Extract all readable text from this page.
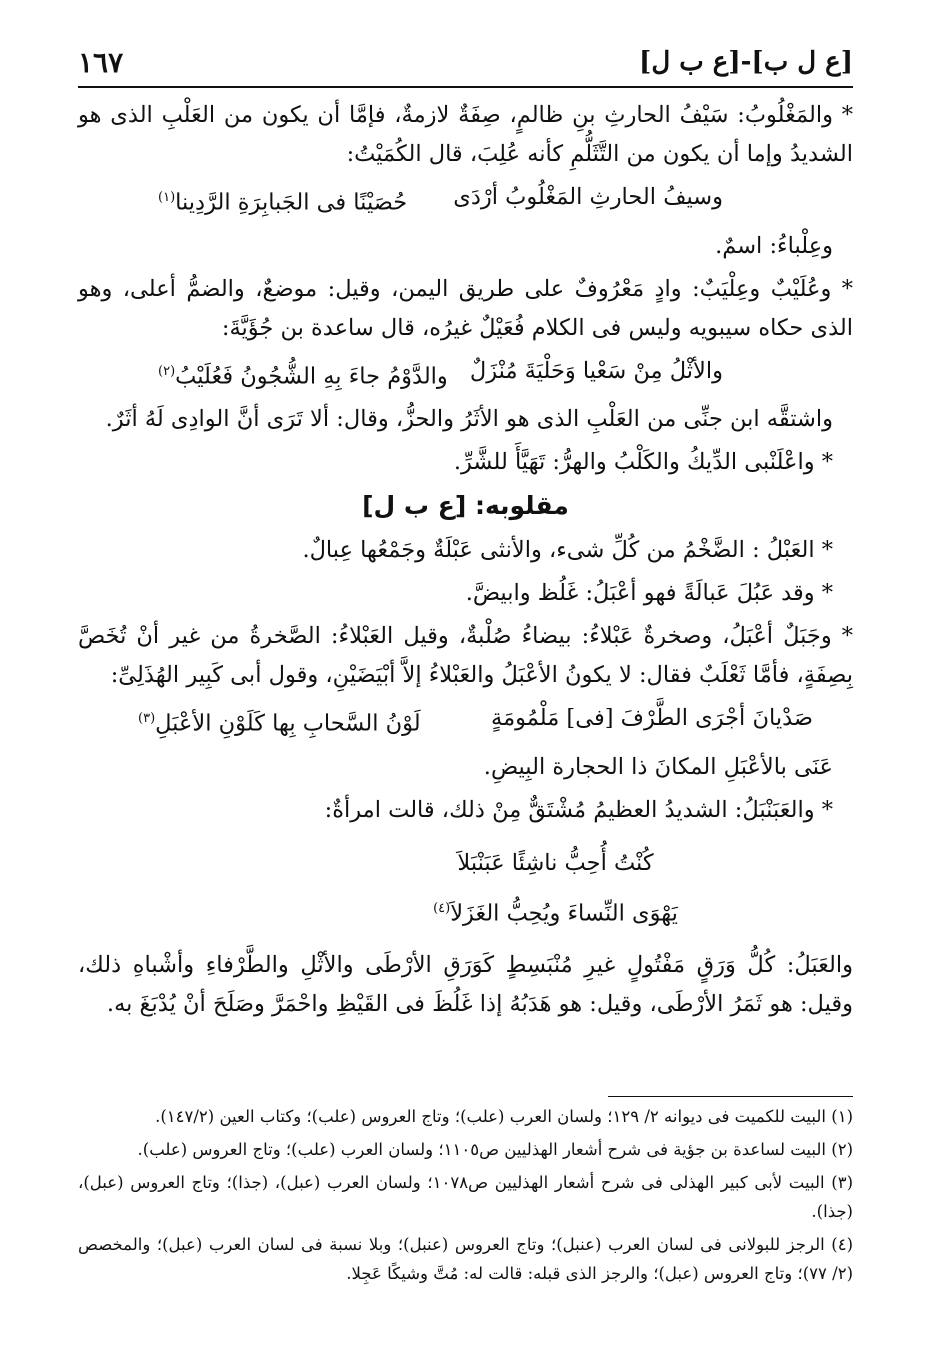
١٦٧	[ع ل ب]-[ع ب ل]

* والمَغْلُوبُ: سَيْفُ الحارثِ بنِ ظالمٍ، صِفَةٌ لازمةٌ، فإمَّا أن يكون من العَلْبِ الذى هو الشديدُ وإما أن يكون من التَّثَلُّمِ كأنه عُلِبَ، قال الكُمَيْتُ:

وسيفُ الحارثِ المَغْلُوبُ أرْدَى
حُصَيْنًا فى الجَبابِرَةِ الرَّدِينا$^{(١)}$

وعِلْباءُ: اسمٌ.

* وعُلَيْبٌ وعِلْيَبٌ: وادٍ مَعْرُوفٌ على طريق اليمن، وقيل: موضعٌ، والضمُّ أعلى، وهو الذى حكاه سيبويه وليس فى الكلام فُعَيْلٌ غيرُه، قال ساعدة بن جُؤَيَّةَ:

والأثْلُ مِنْ سَعْيا وَحَلْيَةَ مُنْزَلٌ
والدَّوْمُ جاءَ بِهِ الشُّجُونُ فَعُلَيْبُ$^{(٢)}$

واشتقَّه ابن جنِّى من العَلْبِ الذى هو الأثَرُ والحزُّ، وقال: ألا تَرَى أنَّ الوادِى لَهُ أثَرٌ.

* واعْلَنْبى الدِّيكُ والكَلْبُ والهرُّ: تَهَيَّأَ للشَّرِّ.

مقلوبه: [ع ب ل]

* العَبْلُ : الضَّخْمُ من كُلِّ شىء، والأنثى عَبْلَةٌ وجَمْعُها عِبالٌ.

* وقد عَبُلَ عَبالَةً فهو أعْبَلُ: غَلُظ وابيضَّ.

* وجَبَلٌ أعْبَلُ، وصخرةٌ عَبْلاءُ: بيضاءُ صُلْبةٌ، وقيل العَبْلاءُ: الصَّخرةُ من غير أنْ تُخَصَّ بِصِفَةٍ، فأمَّا ثَعْلَبٌ فقال: لا يكونُ الأعْبَلُ والعَبْلاءُ إلاَّ أبْيَضَيْنِ، وقول أبى كَبِير الهُذَلِىِّ:

صَدْيانَ أجْرَى الطَّرْفَ [فى] مَلْمُومَةٍ
لَوْنُ السَّحابِ بِها كَلَوْنِ الأعْبَلِ$^{(٣)}$

عَنَى بالأعْبَلِ المكانَ ذا الحجارة البِيضِ.

* والعَبَنْبَلُ: الشديدُ العظيمُ مُشْتَقٌّ مِنْ ذلك، قالت امرأةٌ:

كُنْتُ أُحِبُّ ناشِئًا عَبَنْبَلاَ
يَهْوَى النِّساءَ ويُحِبُّ الغَزَلاَ$^{(٤)}$

والعَبَلُ: كُلُّ وَرَقٍ مَفْتُولٍ غيرِ مُنْبَسِطٍ كَوَرَقِ الأرْطَى والأثْلِ والطَّرْفاءِ وأشْباهِ ذلك، وقيل: هو ثَمَرُ الأرْطَى، وقيل: هو هَدَبُهُ إذا غَلُظَ فى القَيْظِ واحْمَرَّ وصَلَحَ أنْ يُدْبَغَ به.

(١) البيت للكميت فى ديوانه ٢/ ١٢٩؛ ولسان العرب (علب)؛ وتاج العروس (علب)؛ وكتاب العين (١٤٧/٢).

(٢) البيت لساعدة بن جؤية فى شرح أشعار الهذليين ص١١٠٥؛ ولسان العرب (علب)؛ وتاج العروس (علب).

(٣) البيت لأبى كبير الهذلى فى شرح أشعار الهذليين ص١٠٧٨؛ ولسان العرب (عبل)، (جذا)؛ وتاج العروس (عبل)، (جذا).

(٤) الرجز للبولانى فى لسان العرب (عنبل)؛ وتاج العروس (عنبل)؛ وبلا نسبة فى لسان العرب (عبل)؛ والمخصص (٢/ ٧٧)؛ وتاج العروس (عبل)؛ والرجز الذى قبله: قالت له: مُتَّ وشيكًا عَجِلا.
